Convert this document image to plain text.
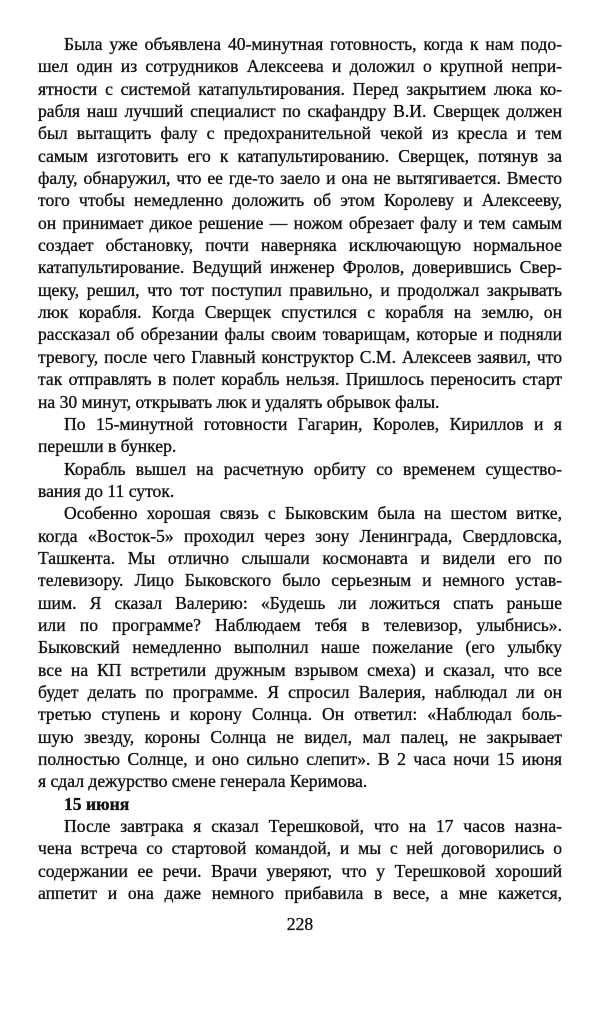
Была уже объявлена 40-минутная готовность, когда к нам подо-
шел один из сотрудников Алексеева и доложил о крупной непри-
ятности с системой катапультирования. Перед закрытием люка ко-
рабля наш лучший специалист по скафандру В.И. Сверщек должен
был вытащить фалу с предохранительной чекой из кресла и тем
самым изготовить его к катапультированию. Сверщек, потянув за
фалу, обнаружил, что ее где-то заело и она не вытягивается. Вместо
того чтобы немедленно доложить об этом Королеву и Алексееву,
он принимает дикое решение — ножом обрезает фалу и тем самым
создает обстановку, почти наверняка исключающую нормальное
катапультирование. Ведущий инженер Фролов, доверившись Свер-
щеку, решил, что тот поступил правильно, и продолжал закрывать
люк корабля. Когда Сверщек спустился с корабля на землю, он
рассказал об обрезании фалы своим товарищам, которые и подняли
тревогу, после чего Главный конструктор С.М. Алексеев заявил, что
так отправлять в полет корабль нельзя. Пришлось переносить старт
на 30 минут, открывать люк и удалять обрывок фалы.
По 15-минутной готовности Гагарин, Королев, Кириллов и я
перешли в бункер.
Корабль вышел на расчетную орбиту со временем существо-
вания до 11 суток.
Особенно хорошая связь с Быковским была на шестом витке,
когда «Восток-5» проходил через зону Ленинграда, Свердловска,
Ташкента. Мы отлично слышали космонавта и видели его по
телевизору. Лицо Быковского было серьезным и немного устав-
шим. Я сказал Валерию: «Будешь ли ложиться спать раньше
или по программе? Наблюдаем тебя в телевизор, улыбнись».
Быковский немедленно выполнил наше пожелание (его улыбку
все на КП встретили дружным взрывом смеха) и сказал, что все
будет делать по программе. Я спросил Валерия, наблюдал ли он
третью ступень и корону Солнца. Он ответил: «Наблюдал боль-
шую звезду, короны Солнца не видел, мал палец, не закрывает
полностью Солнце, и оно сильно слепит». В 2 часа ночи 15 июня
я сдал дежурство смене генерала Керимова.
15 июня
После завтрака я сказал Терешковой, что на 17 часов назна-
чена встреча со стартовой командой, и мы с ней договорились о
содержании ее речи. Врачи уверяют, что у Терешковой хороший
аппетит и она даже немного прибавила в весе, а мне кажется,
228
